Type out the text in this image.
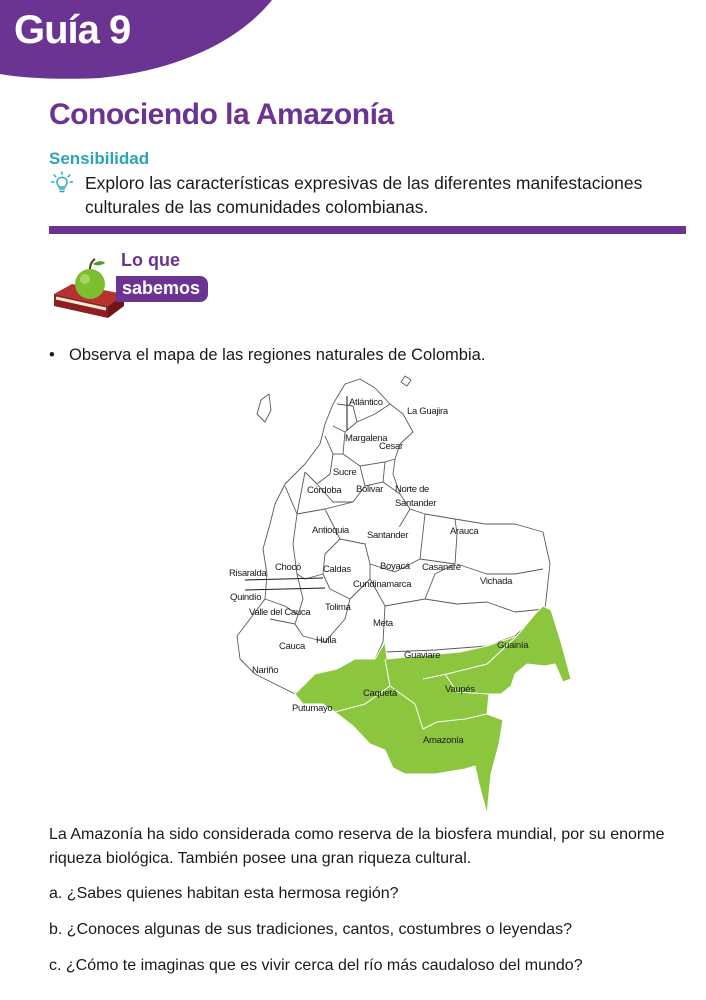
Guía 9
Conociendo la Amazonía
Sensibilidad
Exploro las características expresivas de las diferentes manifestaciones culturales de las comunidades colombianas.
Lo que
sabemos
• Observa el mapa de las regiones naturales de Colombia.
Atlántico
La Guajira
Margalena
Cesar
Sucre
Córdoba Bolivar Norte de
Santander
Antioquia Santander	Arauca
Risaralda
Chocó Caldas	Boyacá Casanare
Cundinamarca	Vichada
Quindío
Valle del Cauca Tolima
Meta
Cauca
Huila
Guaviare
Guainía
Nariño
Caquetá	Vaupés
Putumayo
Amazonía
La Amazonía ha sido considerada como reserva de la biosfera mundial, por su enorme riqueza biológica. También posee una gran riqueza cultural.
a. ¿Sabes quienes habitan esta hermosa región?
b. ¿Conoces algunas de sus tradiciones, cantos, costumbres o leyendas?
c. ¿Cómo te imaginas que es vivir cerca del río más caudaloso del mundo?
